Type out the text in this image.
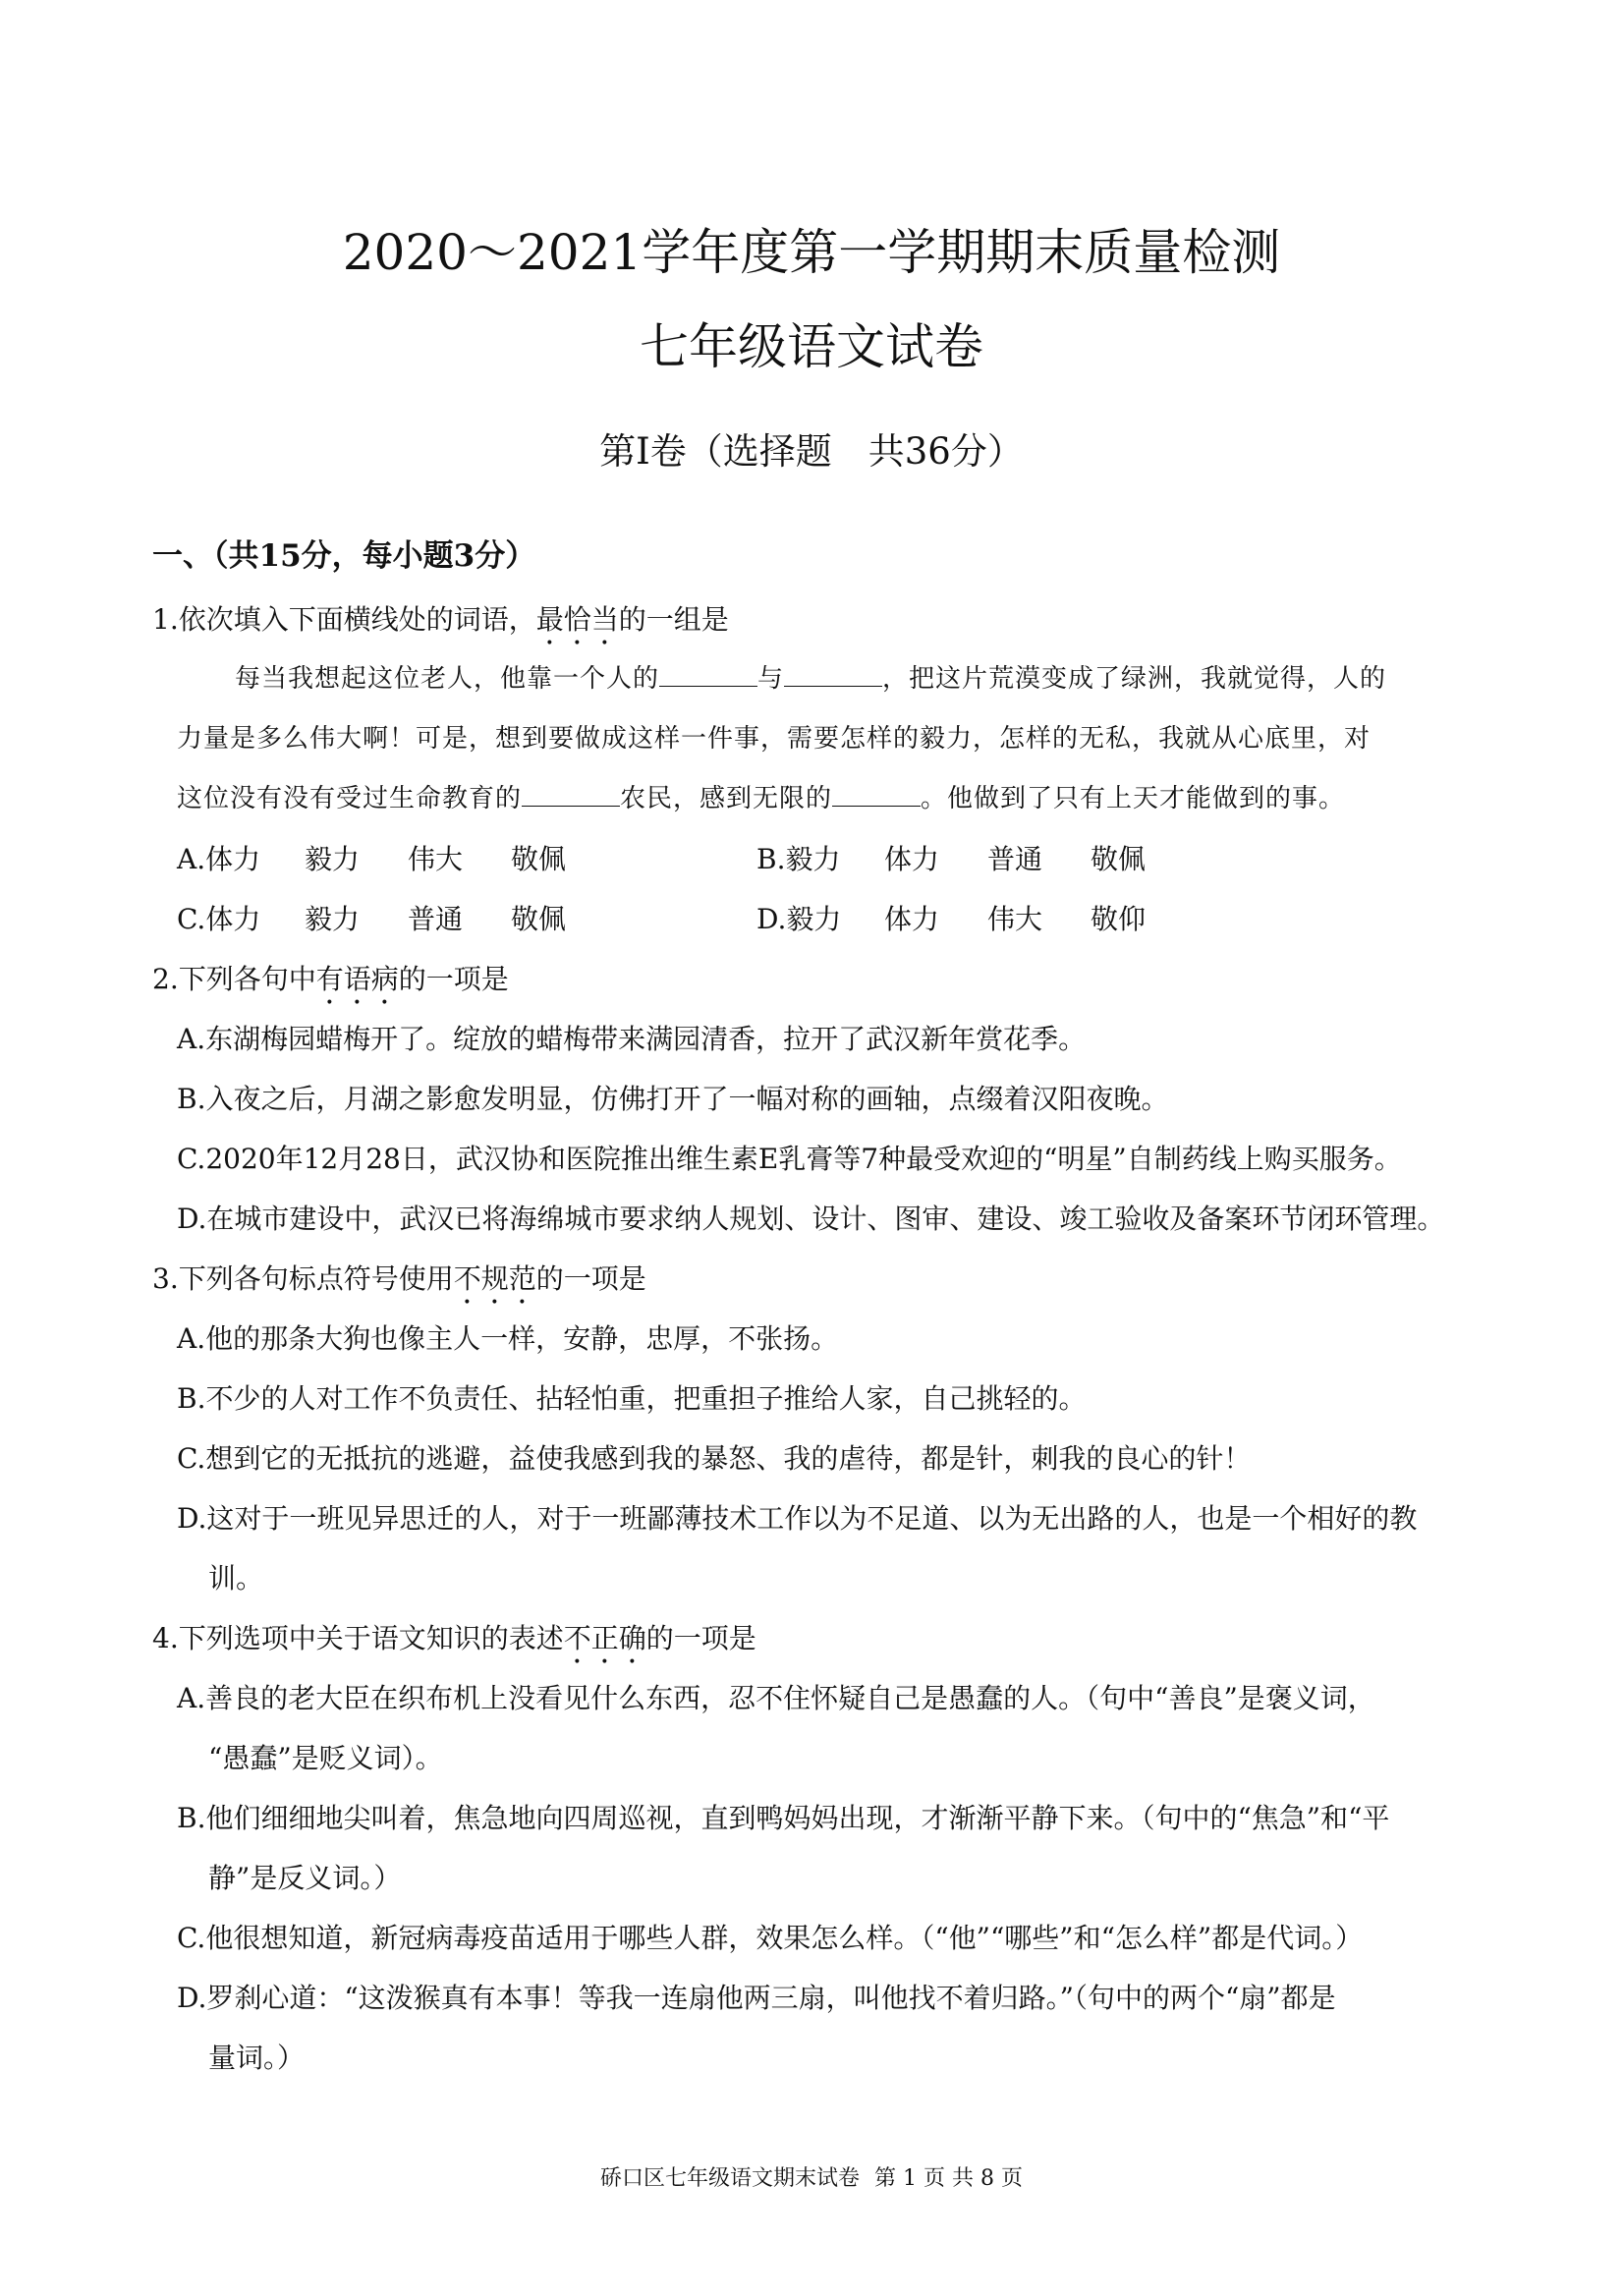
2020～2021学年度第一学期期末质量检测
七年级语文试卷
第Ⅰ卷（选择题　共36分）
一、（共15分，每小题3分）
1.依次填入下面横线处的词语，最恰当的一组是
每当我想起这位老人，他靠一个人的	与	，把这片荒漠变成了绿洲，我就觉得，人的
力量是多么伟大啊！可是，想到要做成这样一件事，需要怎样的毅力，怎样的无私，我就从心底里，对
这位没有没有受过生命教育的	农民，感到无限的	。他做到了只有上天才能做到的事。
A.体力 毅力 伟大 敬佩	B.毅力 体力 普通 敬佩
C.体力 毅力 普通 敬佩	D.毅力 体力 伟大 敬仰
2.下列各句中有语病的一项是
A.东湖梅园蜡梅开了。绽放的蜡梅带来满园清香，拉开了武汉新年赏花季。
B.入夜之后，月湖之影愈发明显，仿佛打开了一幅对称的画轴，点缀着汉阳夜晚。
C.2020年12月28日，武汉协和医院推出维生素E乳膏等7种最受欢迎的“明星”自制药线上购买服务。
D.在城市建设中，武汉已将海绵城市要求纳人规划、设计、图审、建设、竣工验收及备案环节闭环管理。
3.下列各句标点符号使用不规范的一项是
A.他的那条大狗也像主人一样，安静，忠厚，不张扬。
B.不少的人对工作不负责任、拈轻怕重，把重担子推给人家，自己挑轻的。
C.想到它的无抵抗的逃避，益使我感到我的暴怒、我的虐待，都是针，刺我的良心的针！
D.这对于一班见异思迁的人，对于一班鄙薄技术工作以为不足道、以为无出路的人，也是一个相好的教
训。
4.下列选项中关于语文知识的表述不正确的一项是
A.善良的老大臣在织布机上没看见什么东西，忍不住怀疑自己是愚蠢的人。（句中“善良”是褒义词，
“愚蠢”是贬义词）。
B.他们细细地尖叫着，焦急地向四周巡视，直到鸭妈妈出现，才渐渐平静下来。（句中的“焦急”和“平
静”是反义词。）
C.他很想知道，新冠病毒疫苗适用于哪些人群，效果怎么样。（“他”“哪些”和“怎么样”都是代词。）
D.罗刹心道：“这泼猴真有本事！等我一连扇他两三扇，叫他找不着归路。”（句中的两个“扇”都是
量词。）
硚口区七年级语文期末试卷 第 1 页 共 8 页
